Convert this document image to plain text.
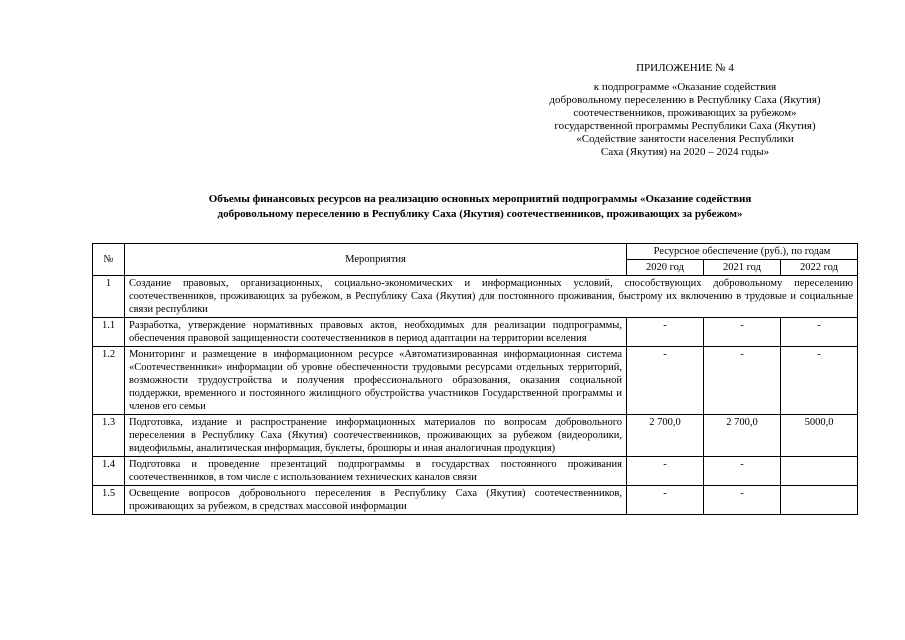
ПРИЛОЖЕНИЕ № 4
к подпрограмме «Оказание содействия
добровольному переселению в Республику Саха (Якутия)
соотечественников, проживающих за рубежом»
государственной программы Республики Саха (Якутия)
«Содействие занятости населения Республики
Саха (Якутия) на 2020 – 2024 годы»
Объемы финансовых ресурсов на реализацию основных мероприятий подпрограммы «Оказание содействия
добровольному переселению в Республику Саха (Якутия) соотечественников, проживающих за рубежом»
№	Мероприятия	Ресурсное обеспечение (руб.), по годам		
		2020 год	2021 год	2022 год
1	Создание правовых, организационных, социально-экономических и информационных условий, способствующих добровольному переселению соотечественников, проживающих за рубежом, в Республику Саха (Якутия) для постоянного проживания, быстрому их включению в трудовые и социальные связи республики			
1.1	Разработка, утверждение нормативных правовых актов, необходимых для реализации подпрограммы, обеспечения правовой защищенности соотечественников в период адаптации на территории вселения	-	-	-
1.2	Мониторинг и размещение в информационном ресурсе «Автоматизированная информационная система «Соотечественники» информации об уровне обеспеченности трудовыми ресурсами отдельных территорий, возможности трудоустройства и получения профессионального образования, оказания социальной поддержки, временного и постоянного жилищного обустройства участников Государственной программы и членов его семьи	-	-	-
1.3	Подготовка, издание и распространение информационных материалов по вопросам добровольного переселения в Республику Саха (Якутия) соотечественников, проживающих за рубежом (видеоролики, видеофильмы, аналитическая информация, буклеты, брошюры и иная аналогичная продукция)	2 700,0	2 700,0	5000,0
1.4	Подготовка и проведение презентаций подпрограммы в государствах постоянного проживания соотечественников, в том числе с использованием технических каналов связи	-	-	
1.5	Освещение вопросов добровольного переселения в Республику Саха (Якутия) соотечественников, проживающих за рубежом, в средствах массовой информации	-	-	
